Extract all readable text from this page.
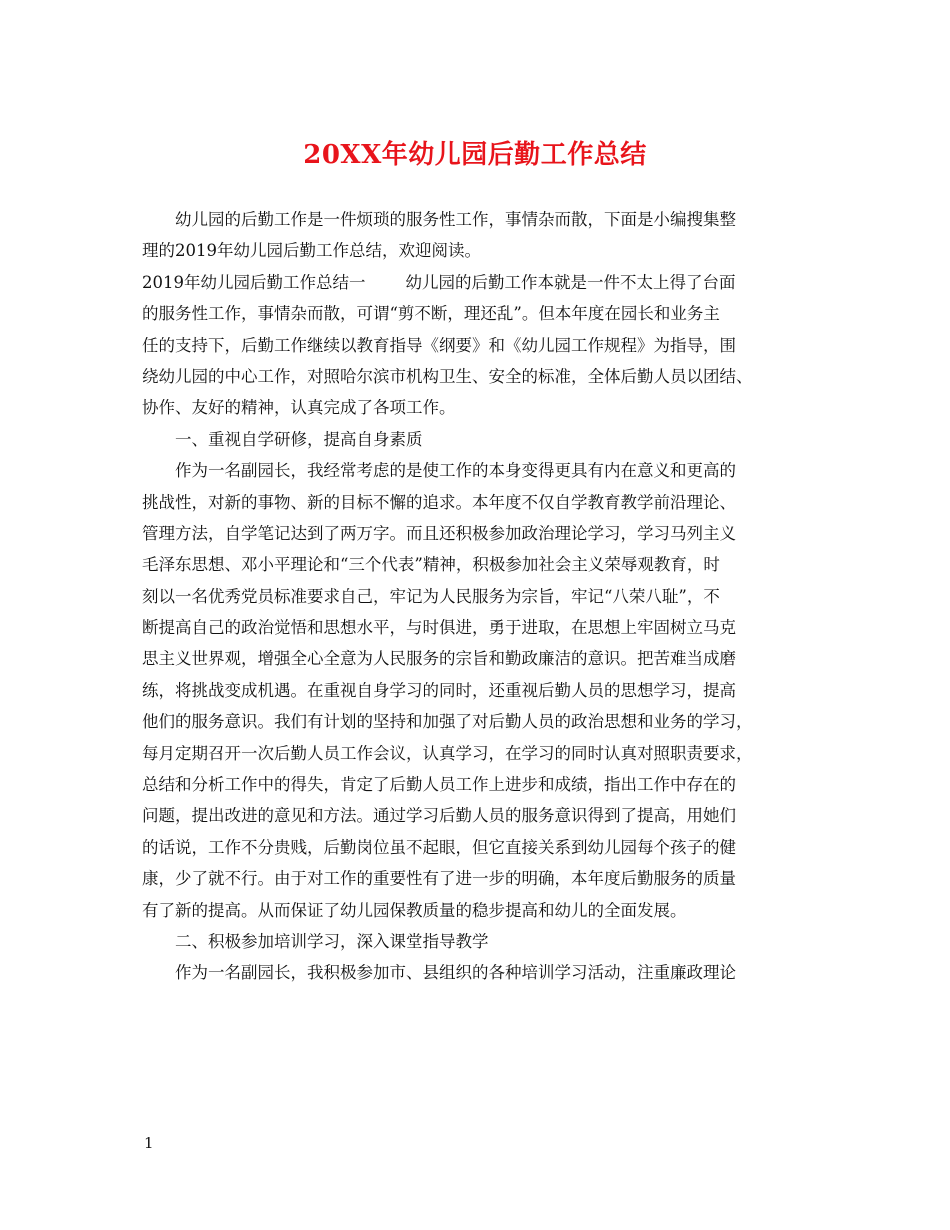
20XX年幼儿园后勤工作总结
幼儿园的后勤工作是一件烦琐的服务性工作，事情杂而散，下面是小编搜集整
理的2019年幼儿园后勤工作总结，欢迎阅读。
2019年幼儿园后勤工作总结一 幼儿园的后勤工作本就是一件不太上得了台面
的服务性工作，事情杂而散，可谓“剪不断，理还乱”。但本年度在园长和业务主
任的支持下，后勤工作继续以教育指导《纲要》和《幼儿园工作规程》为指导，围
绕幼儿园的中心工作，对照哈尔滨市机构卫生、安全的标准，全体后勤人员以团结、
协作、友好的精神，认真完成了各项工作。
一、重视自学研修，提高自身素质
作为一名副园长，我经常考虑的是使工作的本身变得更具有内在意义和更高的
挑战性，对新的事物、新的目标不懈的追求。本年度不仅自学教育教学前沿理论、
管理方法，自学笔记达到了两万字。而且还积极参加政治理论学习，学习马列主义
毛泽东思想、邓小平理论和“三个代表”精神，积极参加社会主义荣辱观教育，时
刻以一名优秀党员标准要求自己，牢记为人民服务为宗旨，牢记“八荣八耻”，不
断提高自己的政治觉悟和思想水平，与时俱进，勇于进取，在思想上牢固树立马克
思主义世界观，增强全心全意为人民服务的宗旨和勤政廉洁的意识。把苦难当成磨
练，将挑战变成机遇。在重视自身学习的同时，还重视后勤人员的思想学习，提高
他们的服务意识。我们有计划的坚持和加强了对后勤人员的政治思想和业务的学习，
每月定期召开一次后勤人员工作会议，认真学习，在学习的同时认真对照职责要求，
总结和分析工作中的得失，肯定了后勤人员工作上进步和成绩，指出工作中存在的
问题，提出改进的意见和方法。通过学习后勤人员的服务意识得到了提高，用她们
的话说，工作不分贵贱，后勤岗位虽不起眼，但它直接关系到幼儿园每个孩子的健
康，少了就不行。由于对工作的重要性有了进一步的明确，本年度后勤服务的质量
有了新的提高。从而保证了幼儿园保教质量的稳步提高和幼儿的全面发展。
二、积极参加培训学习，深入课堂指导教学
作为一名副园长，我积极参加市、县组织的各种培训学习活动，注重廉政理论
1
